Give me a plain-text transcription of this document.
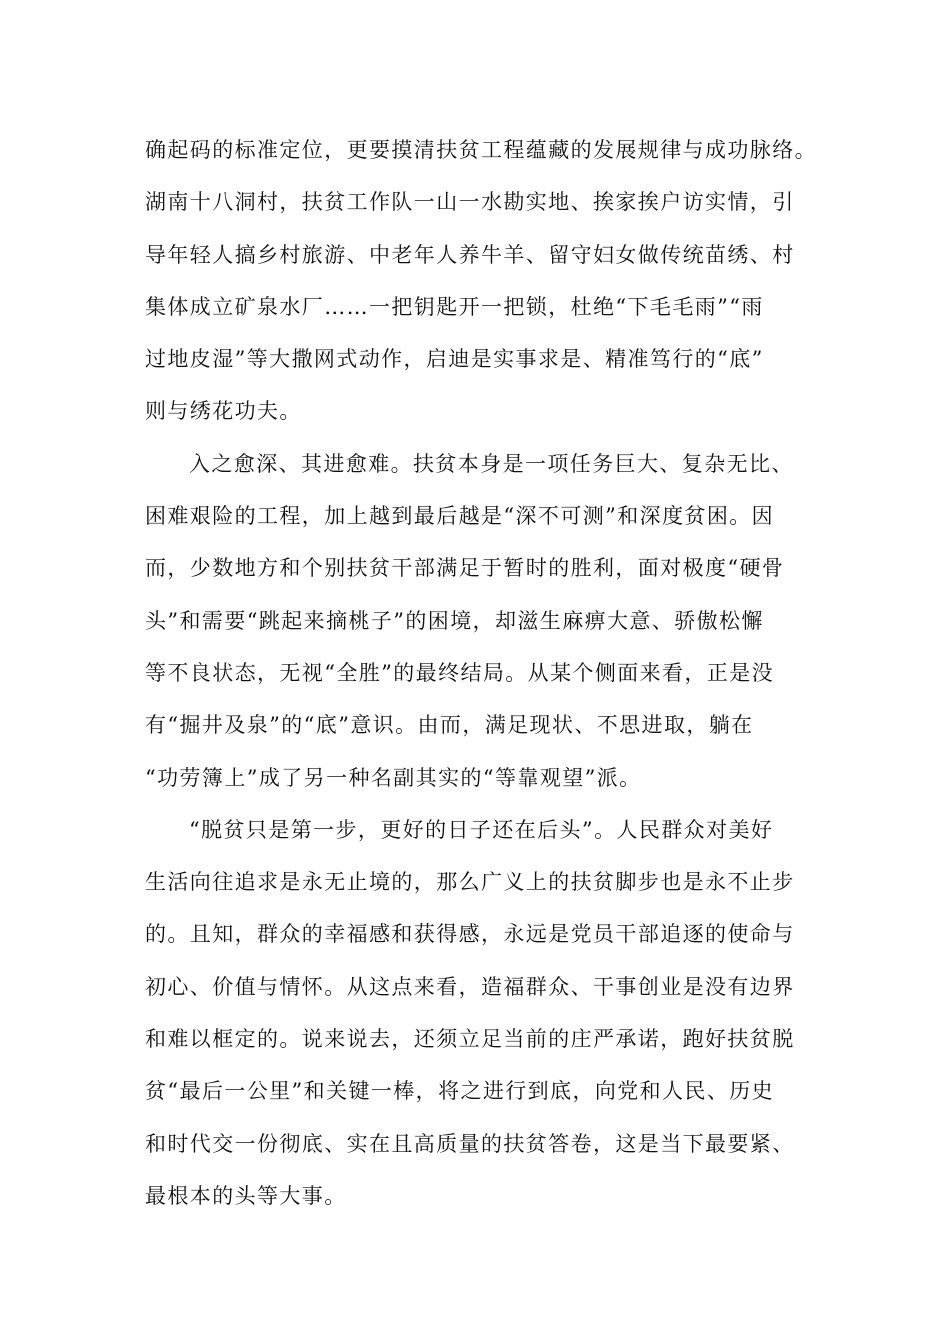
确起码的标准定位，更要摸清扶贫工程蕴藏的发展规律与成功脉络。
湖南十八洞村，扶贫工作队一山一水勘实地、挨家挨户访实情，引
导年轻人搞乡村旅游、中老年人养牛羊、留守妇女做传统苗绣、村
集体成立矿泉水厂……一把钥匙开一把锁，杜绝“下毛毛雨”“雨
过地皮湿”等大撒网式动作，启迪是实事求是、精准笃行的“底”
则与绣花功夫。
入之愈深、其进愈难。扶贫本身是一项任务巨大、复杂无比、
困难艰险的工程，加上越到最后越是“深不可测”和深度贫困。因
而，少数地方和个别扶贫干部满足于暂时的胜利，面对极度“硬骨
头”和需要“跳起来摘桃子”的困境，却滋生麻痹大意、骄傲松懈
等不良状态，无视“全胜”的最终结局。从某个侧面来看，正是没
有“掘井及泉”的“底”意识。由而，满足现状、不思进取，躺在
“功劳簿上”成了另一种名副其实的“等靠观望”派。
“脱贫只是第一步，更好的日子还在后头”。人民群众对美好
生活向往追求是永无止境的，那么广义上的扶贫脚步也是永不止步
的。且知，群众的幸福感和获得感，永远是党员干部追逐的使命与
初心、价值与情怀。从这点来看，造福群众、干事创业是没有边界
和难以框定的。说来说去，还须立足当前的庄严承诺，跑好扶贫脱
贫“最后一公里”和关键一棒，将之进行到底，向党和人民、历史
和时代交一份彻底、实在且高质量的扶贫答卷，这是当下最要紧、
最根本的头等大事。
